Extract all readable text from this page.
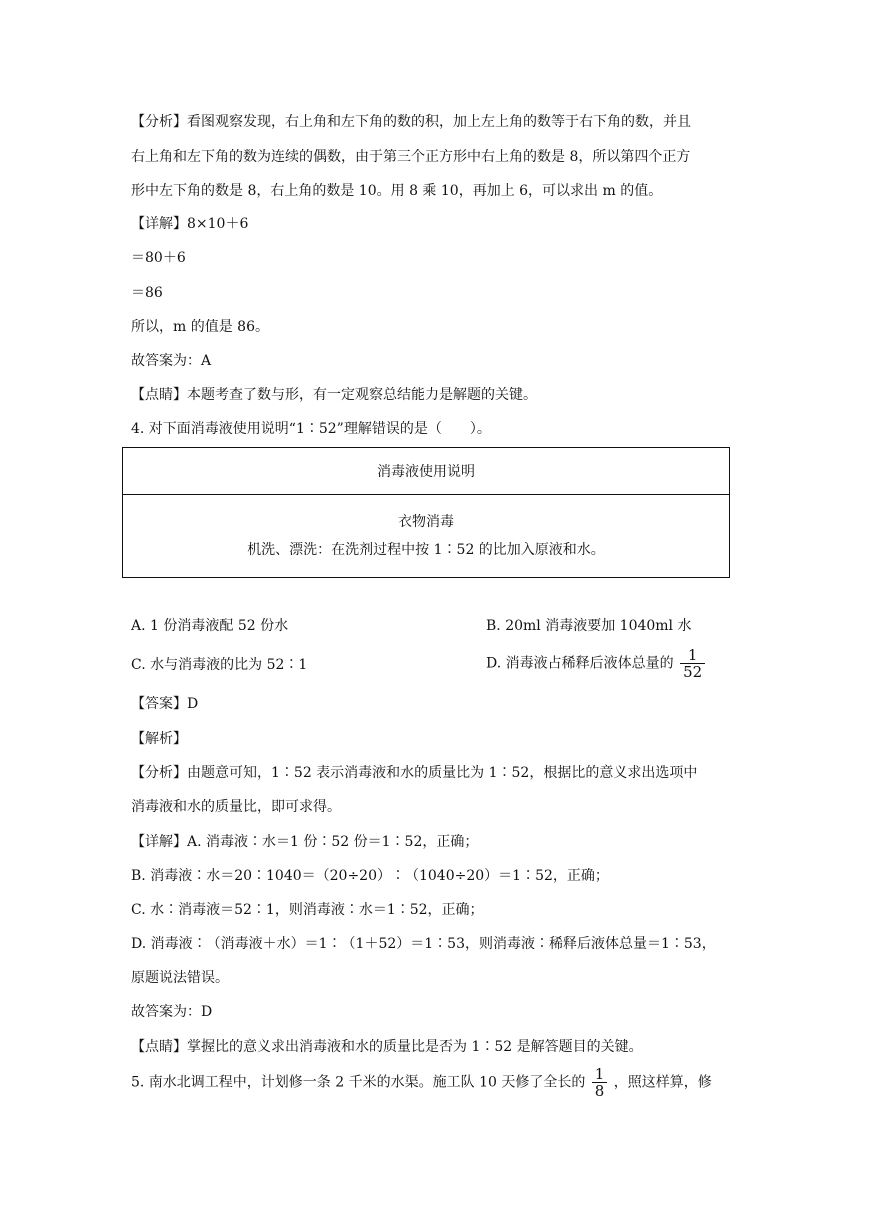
【分析】看图观察发现，右上角和左下角的数的积，加上左上角的数等于右下角的数，并且
右上角和左下角的数为连续的偶数，由于第三个正方形中右上角的数是 8，所以第四个正方
形中左下角的数是 8，右上角的数是 10。用 8 乘 10，再加上 6，可以求出 m 的值。
【详解】8×10＋6
＝80＋6
＝86
所以，m 的值是 86。
故答案为：A
【点睛】本题考查了数与形，有一定观察总结能力是解题的关键。
4. 对下面消毒液使用说明“1∶52”理解错误的是（　　）。
消毒液使用说明

衣物消毒
机洗、漂洗：在洗剂过程中按 1∶52 的比加入原液和水。
A. 1 份消毒液配 52 份水	B. 20ml 消毒液要加 1040ml 水
C. 水与消毒液的比为 52∶1	D. 消毒液占稀释后液体总量的 $\frac{1}{52}$
【答案】D
【解析】
【分析】由题意可知，1∶52 表示消毒液和水的质量比为 1∶52，根据比的意义求出选项中
消毒液和水的质量比，即可求得。
【详解】A. 消毒液∶水＝1 份∶52 份＝1∶52，正确；
B. 消毒液∶水＝20∶1040＝（20÷20）∶（1040÷20）＝1∶52，正确；
C. 水∶消毒液＝52∶1，则消毒液∶水＝1∶52，正确；
D. 消毒液∶（消毒液＋水）＝1∶（1＋52）＝1∶53，则消毒液∶稀释后液体总量＝1∶53，
原题说法错误。
故答案为：D
【点睛】掌握比的意义求出消毒液和水的质量比是否为 1∶52 是解答题目的关键。
5. 南水北调工程中，计划修一条 2 千米的水渠。施工队 10 天修了全长的 $\frac{1}{8}$ ，照这样算，修
